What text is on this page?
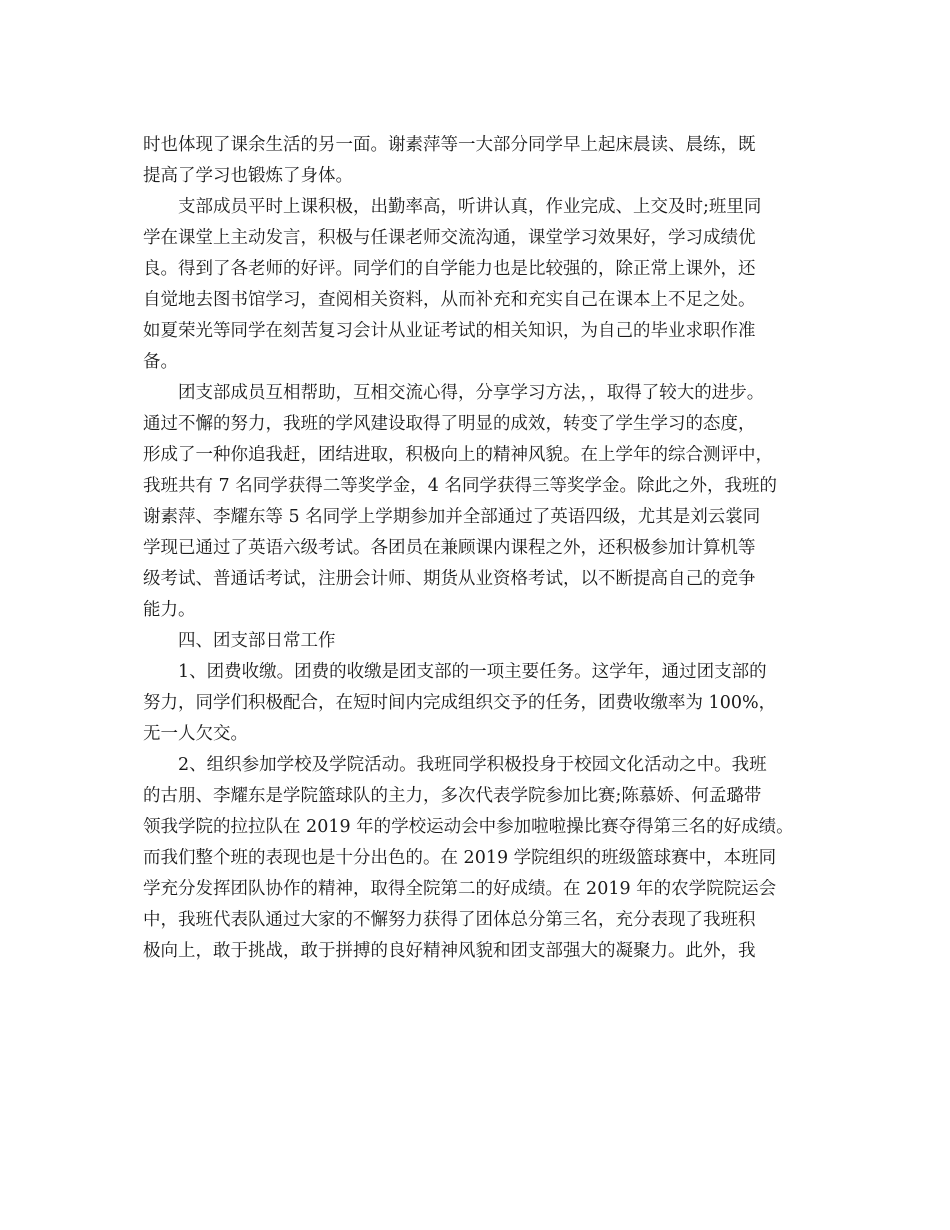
时也体现了课余生活的另一面。谢素萍等一大部分同学早上起床晨读、晨练，既
提高了学习也锻炼了身体。
　　支部成员平时上课积极，出勤率高，听讲认真，作业完成、上交及时;班里同
学在课堂上主动发言，积极与任课老师交流沟通，课堂学习效果好，学习成绩优
良。得到了各老师的好评。同学们的自学能力也是比较强的，除正常上课外，还
自觉地去图书馆学习，查阅相关资料，从而补充和充实自己在课本上不足之处。
如夏荣光等同学在刻苦复习会计从业证考试的相关知识，为自己的毕业求职作准
备。
　　团支部成员互相帮助，互相交流心得，分享学习方法，，取得了较大的进步。
通过不懈的努力，我班的学风建设取得了明显的成效，转变了学生学习的态度，
形成了一种你追我赶，团结进取，积极向上的精神风貌。在上学年的综合测评中，
我班共有 7 名同学获得二等奖学金，4 名同学获得三等奖学金。除此之外，我班的
谢素萍、李耀东等 5 名同学上学期参加并全部通过了英语四级，尤其是刘云裳同
学现已通过了英语六级考试。各团员在兼顾课内课程之外，还积极参加计算机等
级考试、普通话考试，注册会计师、期货从业资格考试，以不断提高自己的竞争
能力。
　　四、团支部日常工作
　　1、团费收缴。团费的收缴是团支部的一项主要任务。这学年，通过团支部的
努力，同学们积极配合，在短时间内完成组织交予的任务，团费收缴率为 100%，
无一人欠交。
　　2、组织参加学校及学院活动。我班同学积极投身于校园文化活动之中。我班
的古朋、李耀东是学院篮球队的主力，多次代表学院参加比赛;陈慕娇、何孟璐带
领我学院的拉拉队在 2019 年的学校运动会中参加啦啦操比赛夺得第三名的好成绩。
而我们整个班的表现也是十分出色的。在 2019 学院组织的班级篮球赛中，本班同
学充分发挥团队协作的精神，取得全院第二的好成绩。在 2019 年的农学院院运会
中，我班代表队通过大家的不懈努力获得了团体总分第三名，充分表现了我班积
极向上，敢于挑战，敢于拼搏的良好精神风貌和团支部强大的凝聚力。此外，我
